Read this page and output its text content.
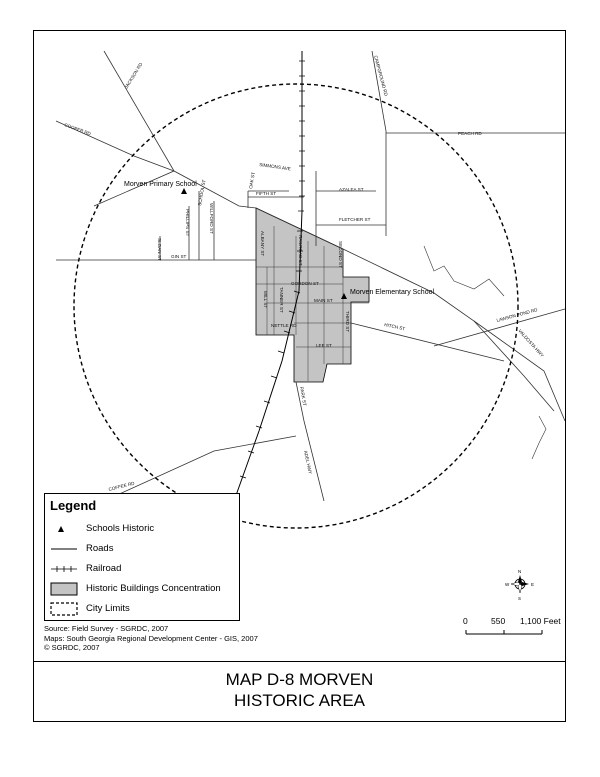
Morven Primary School
Morven Elementary School
COOPER RD
JACKSON RD	CAMPGROUND RD
PEACH RD
SIMMONS AVE
OAK ST
FIFTH ST
AZALEA ST
FLETCHER ST
SCHOOL ST
PHILLIPS ST	WILLFORD ST
SLOAN ST GIN ST
ALBANY ST	RAILROAD ST	SECOND ST
GORDON ST
MILL ST TANNER ST	MAIN ST
NETTLE RD
LEE ST
PARK ST
HITCH ST
LAWSON POND RD
VALDOSTA HWY
ADEL HWY
COFFEE RD
THIRD ST
Legend
Schools Historic
Roads
Railroad
Historic Buildings Concentration
City Limits
Source: Field Survey - SGRDC, 2007
Maps: South Georgia Regional Development Center - GIS, 2007
© SGRDC, 2007
N
S
E
W
0	550 1,100 Feet
MAP D-8 MORVEN
HISTORIC AREA
